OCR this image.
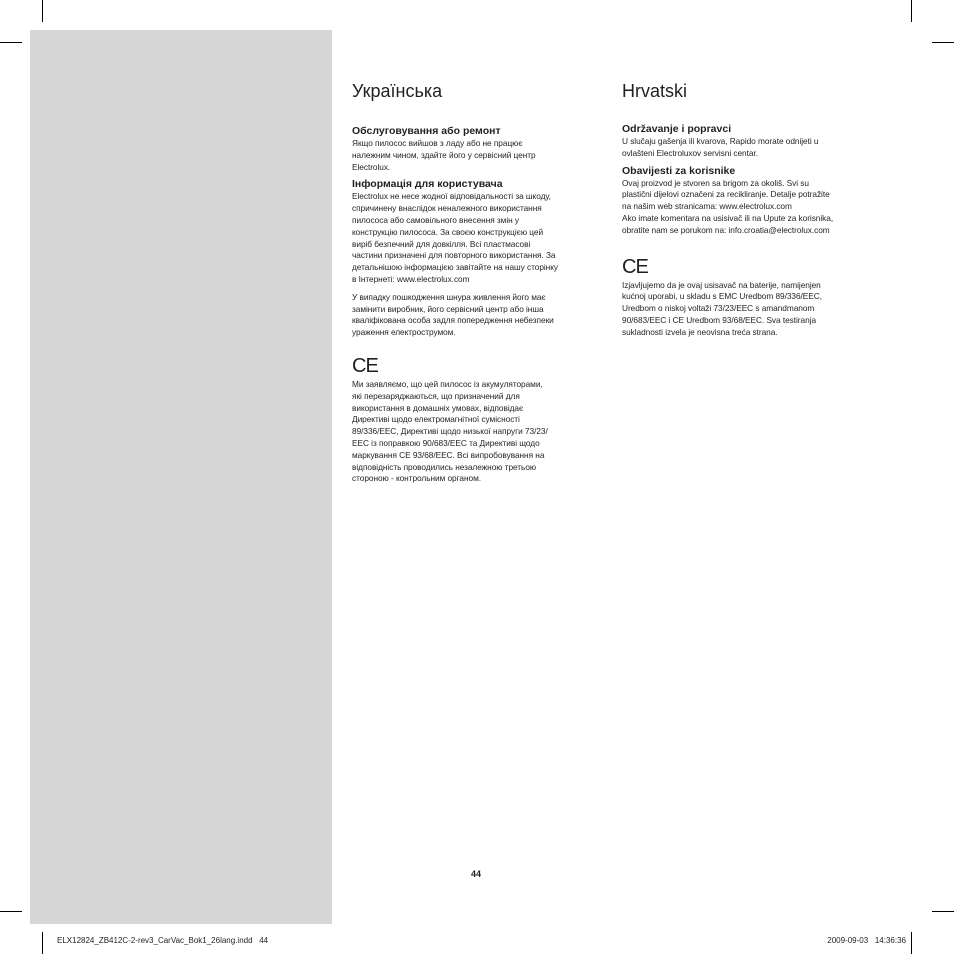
Українська
Обслуговування або ремонт

Якщо пилосос вийшов з ладу або не працює
належним чином, здайте його у сервісний центр
Electrolux.

Інформація для користувача

Electrolux не несе жодної відповідальності за шкоду,
спричинену внаслідок неналежного використання
пилососа або самовільного внесення змін у
конструкцію пилососа. За своєю конструкцією цей
виріб безпечний для довкілля. Всі пластмасові
частини призначені для повторного використання. За
детальнішою інформацією завітайте на нашу сторінку
в Інтернеті: www.electrolux.com

У випадку пошкодження шнура живлення його має
замінити виробник, його сервісний центр або інша
кваліфікована особа задля попередження небезпеки
ураження електрострумом.

CE

Ми заявляємо, що цей пилосос із акумуляторами,
які перезаряджаються, що призначений для
використання в домашніх умовах, відповідає
Директиві щодо електромагнітної сумісності
89/336/EEC, Директиві щодо низької напруги 73/23/
EEC із поправкою 90/683/EEC та Директиві щодо
маркування CE 93/68/EEC. Всі випробовування на
відповідність проводились незалежною третьою
стороною - контрольним органом.

Hrvatski
Održavanje i popravci

U slučaju gašenja ili kvarova, Rapido morate odnijeti u
ovlašteni Electroluxov servisni centar.

Obavijesti za korisnike

Ovaj proizvod je stvoren sa brigom za okoliš. Svi su
plastični dijelovi označeni za recikliranje. Detalje potražite
na našim web stranicama: www.electrolux.com
Ako imate komentara na usisivač ili na Upute za korisnika,
obratite nam se porukom na: info.croatia@electrolux.com

CE

Izjavljujemo da je ovaj usisavač na baterije, namijenjen
kućnoj uporabi, u skladu s EMC Uredbom 89/336/EEC,
Uredbom o niskoj voltaži 73/23/EEC s amandmanom
90/683/EEC i CE Uredbom 93/68/EEC. Sva testiranja
sukladnosti izvela je neovisna treća strana.

44
ELX12824_ZB412C-2-rev3_CarVac_Bok1_26lang.indd   44	2009-09-03   14:36:36
